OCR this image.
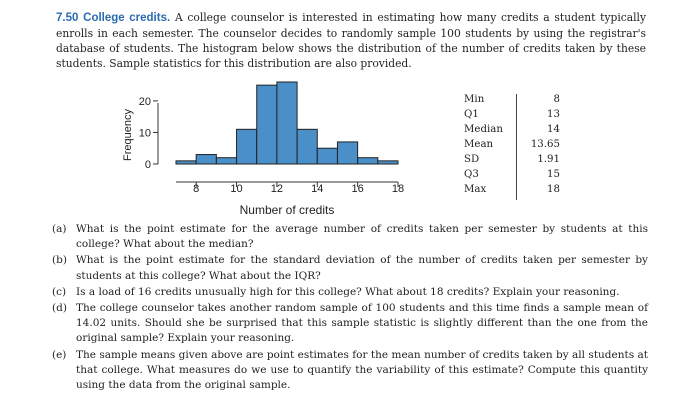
7.50 College credits. A college counselor is interested in estimating how many credits a student typically enrolls in each semester. The counselor decides to randomly sample 100 students by using the registrar's database of students. The histogram below shows the distribution of the number of credits taken by these students. Sample statistics for this distribution are also provided.
8	10	12	14	16	18
0
10
20
Frequency
Number of credits
Min	8
Q1	13
Median	14
Mean	13.65
SD	1.91
Q3	15
Max	18
(a) What is the point estimate for the average number of credits taken per semester by students at this college? What about the median?
(b) What is the point estimate for the standard deviation of the number of credits taken per semester by students at this college? What about the IQR?
(c) Is a load of 16 credits unusually high for this college? What about 18 credits? Explain your reasoning.
(d) The college counselor takes another random sample of 100 students and this time finds a sample mean of 14.02 units. Should she be surprised that this sample statistic is slightly different than the one from the original sample? Explain your reasoning.
(e) The sample means given above are point estimates for the mean number of credits taken by all students at that college. What measures do we use to quantify the variability of this estimate? Compute this quantity using the data from the original sample.
